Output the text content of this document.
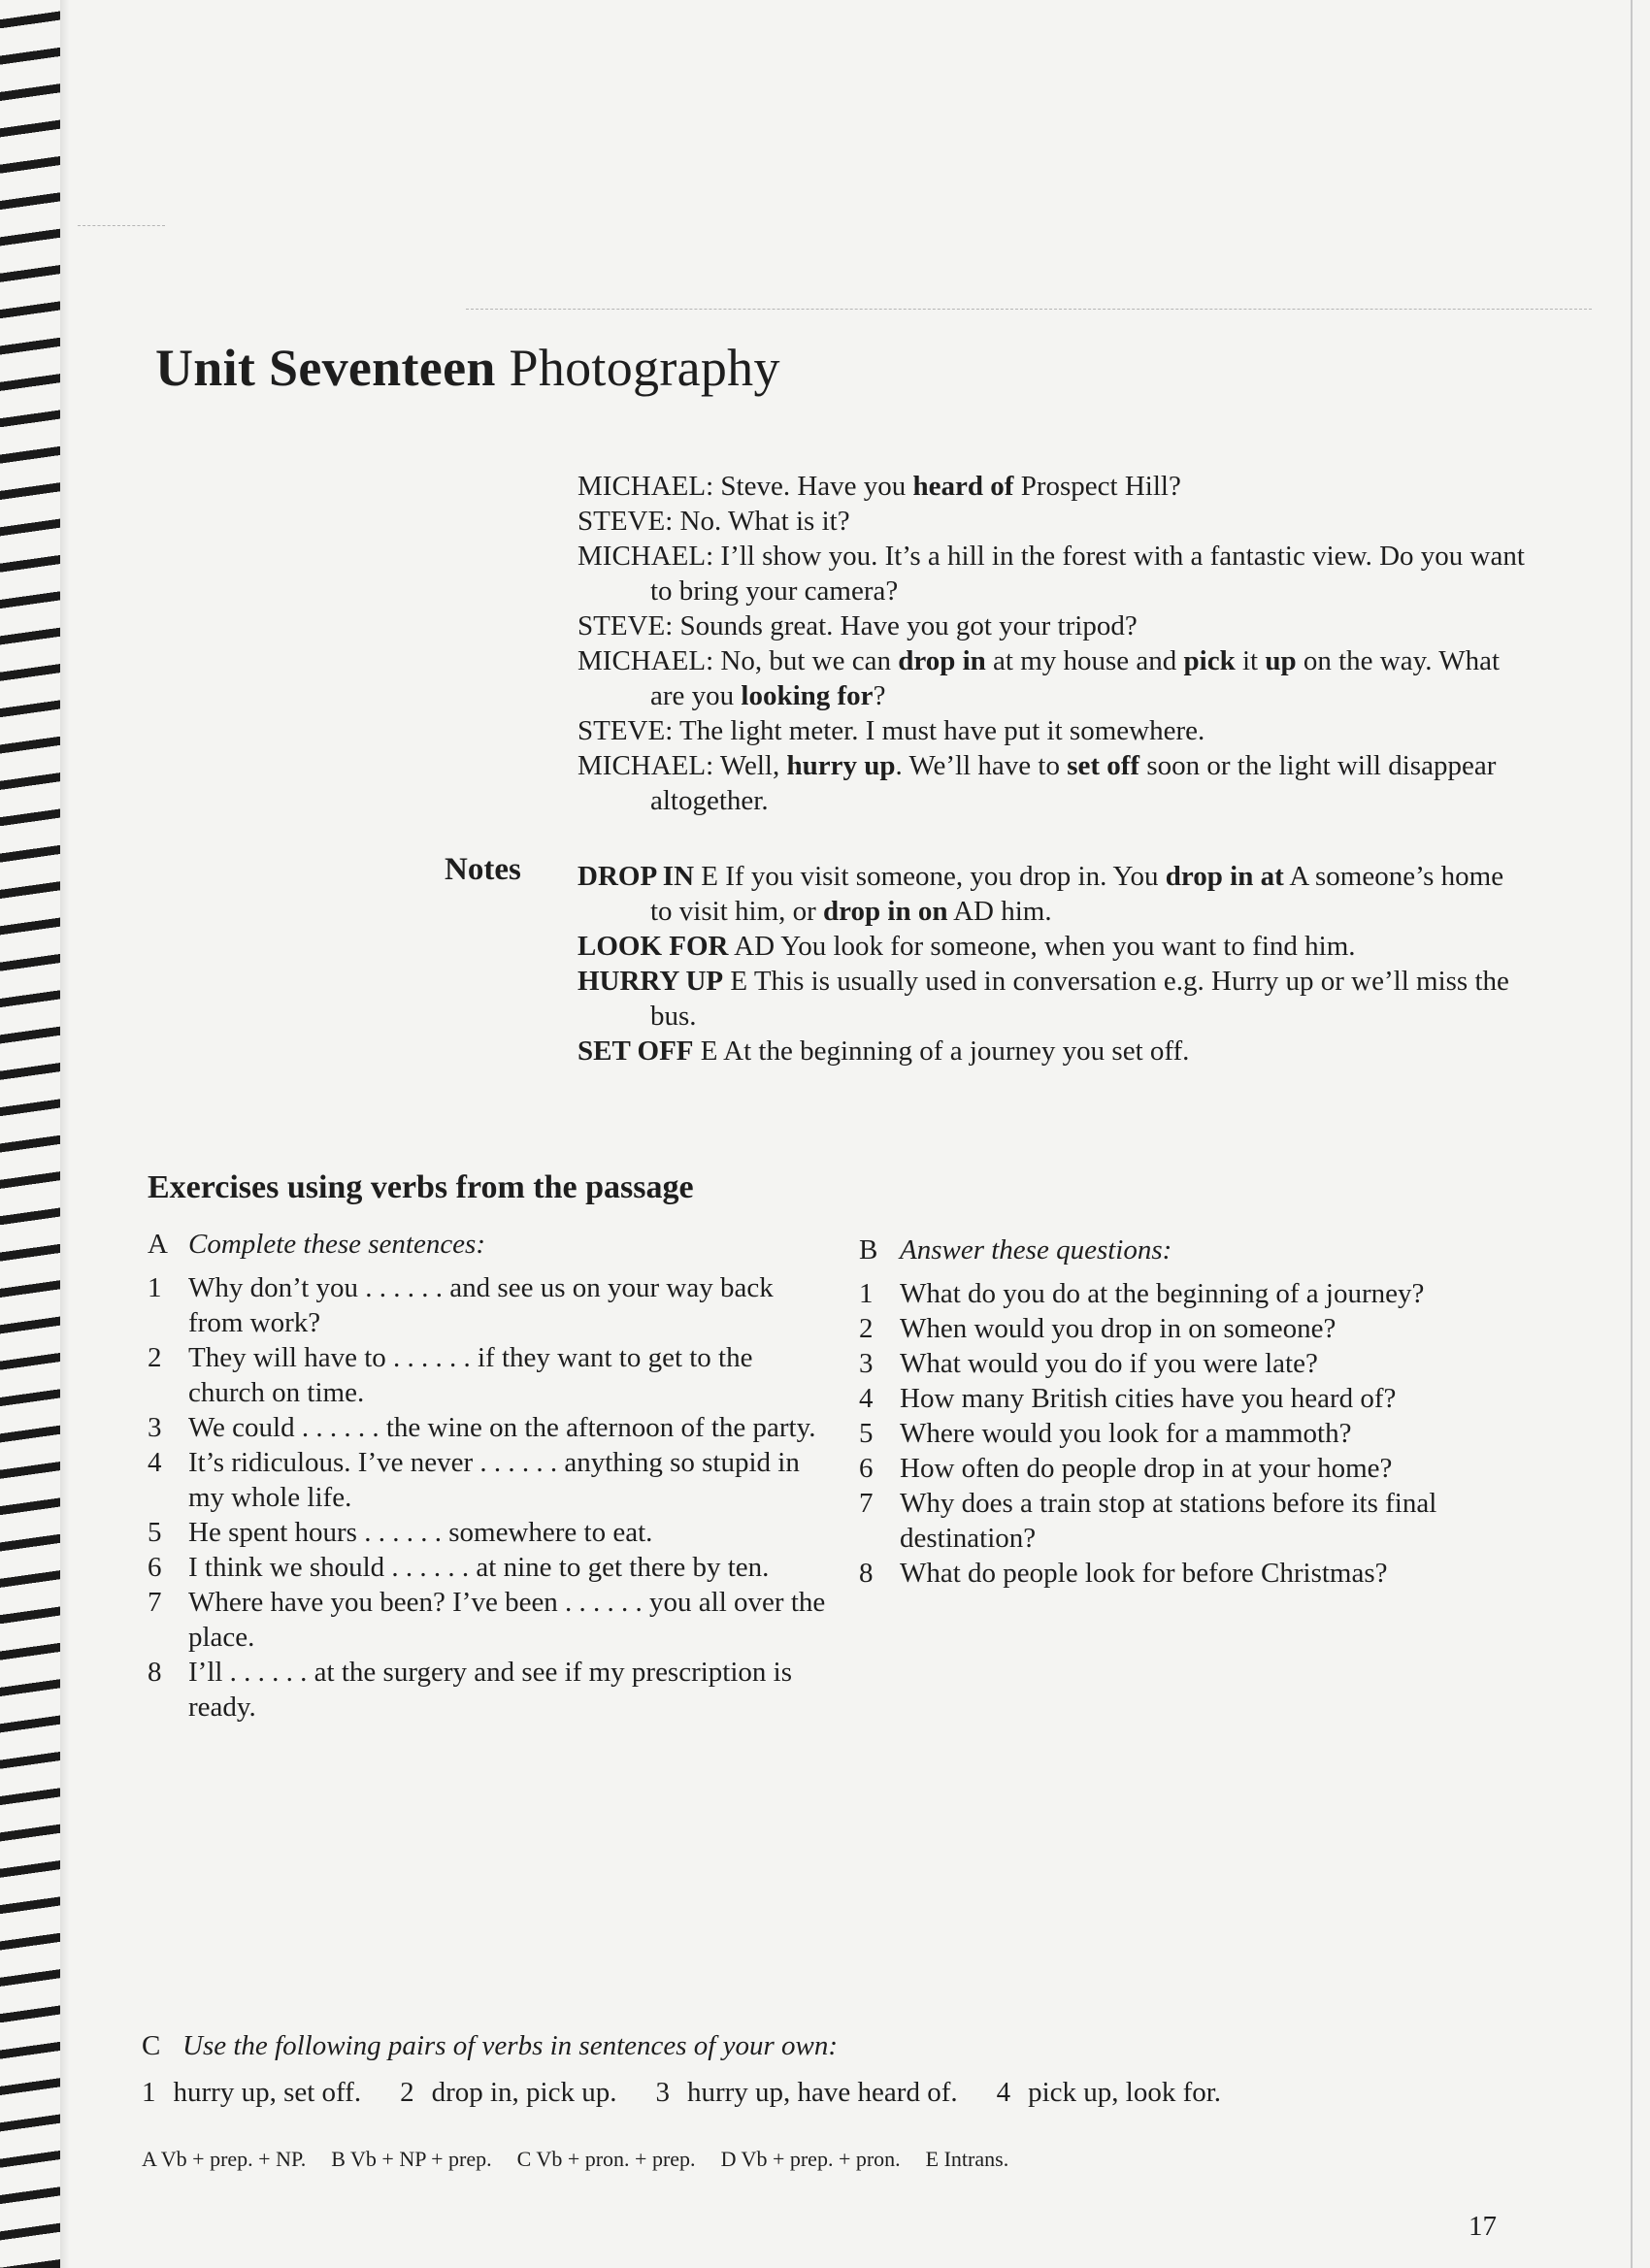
Unit Seventeen Photography
MICHAEL: Steve. Have you heard of Prospect Hill?
STEVE: No. What is it?
MICHAEL: I’ll show you. It’s a hill in the forest with a fantastic view. Do you want to bring your camera?
STEVE: Sounds great. Have you got your tripod?
MICHAEL: No, but we can drop in at my house and pick it up on the way. What are you looking for?
STEVE: The light meter. I must have put it somewhere.
MICHAEL: Well, hurry up. We’ll have to set off soon or the light will disappear altogether.
Notes DROP IN E If you visit someone, you drop in. You drop in at A someone’s home to visit him, or drop in on AD him.
LOOK FOR AD You look for someone, when you want to find him.
HURRY UP E This is usually used in conversation e.g. Hurry up or we’ll miss the bus.
SET OFF E At the beginning of a journey you set off.
Exercises using verbs from the passage
A Complete these sentences:
1 Why don’t you . . . . . . and see us on your way back from work?
2 They will have to . . . . . . if they want to get to the church on time.
3 We could . . . . . . the wine on the afternoon of the party.
4 It’s ridiculous. I’ve never . . . . . . anything so stupid in my whole life.
5 He spent hours . . . . . . somewhere to eat.
6 I think we should . . . . . . at nine to get there by ten.
7 Where have you been? I’ve been . . . . . . you all over the place.
8 I’ll . . . . . . at the surgery and see if my prescription is ready.
B Answer these questions:
1 What do you do at the beginning of a journey?
2 When would you drop in on someone?
3 What would you do if you were late?
4 How many British cities have you heard of?
5 Where would you look for a mammoth?
6 How often do people drop in at your home?
7 Why does a train stop at stations before its final destination?
8 What do people look for before Christmas?
C Use the following pairs of verbs in sentences of your own:
1 hurry up, set off. 2 drop in, pick up. 3 hurry up, have heard of. 4 pick up, look for.
A Vb + prep. + NP. B Vb + NP + prep. C Vb + pron. + prep. D Vb + prep. + pron. E Intrans.
17
